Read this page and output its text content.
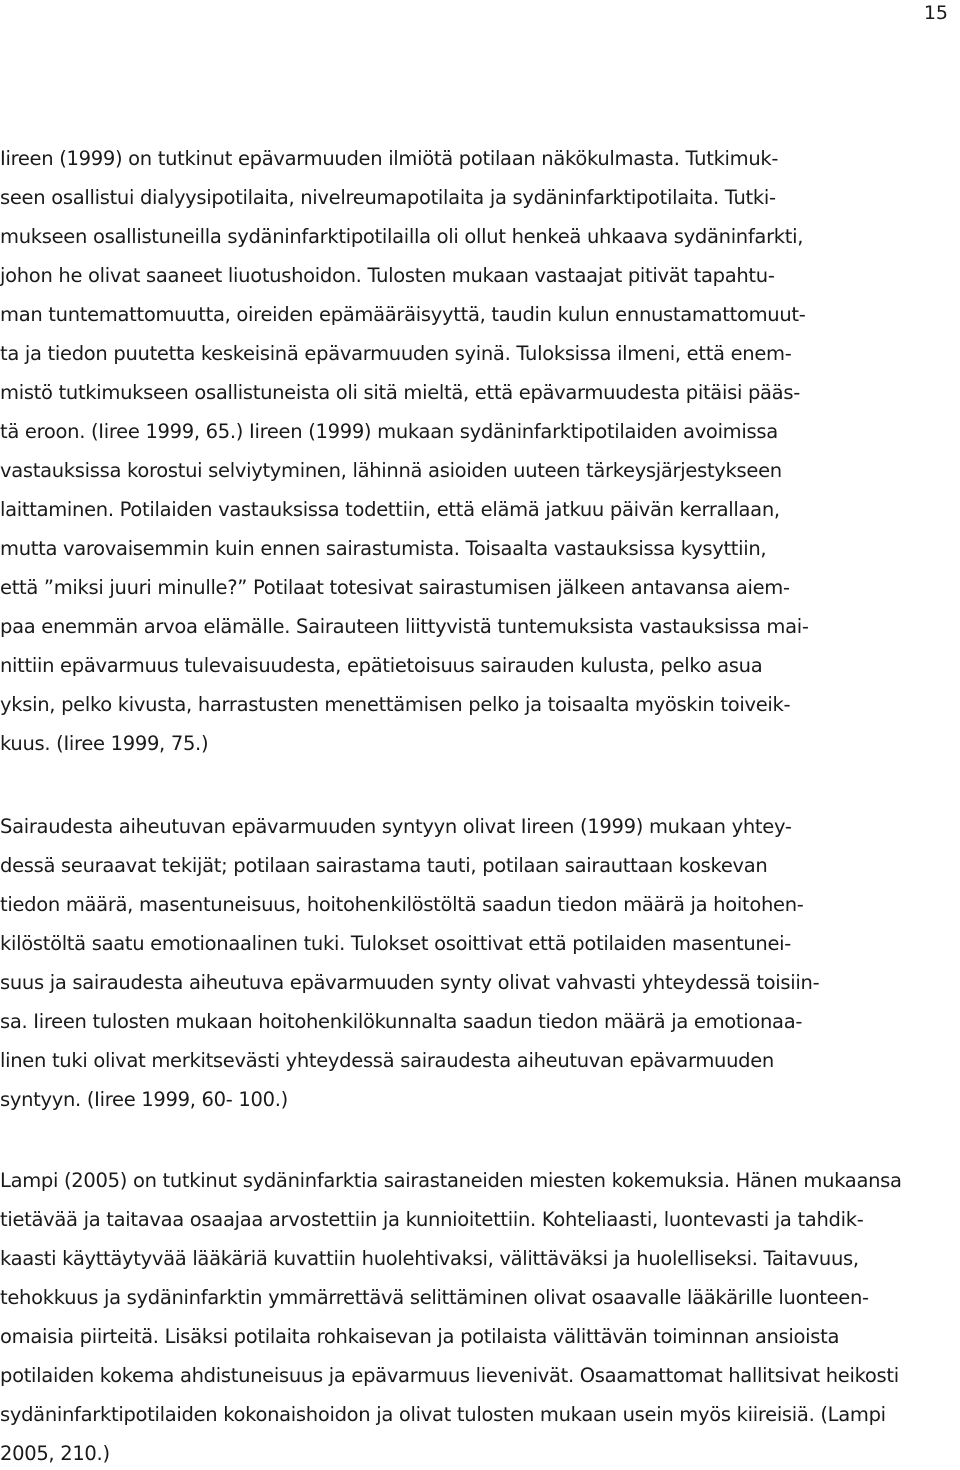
15
Iireen (1999) on tutkinut epävarmuuden ilmiötä potilaan näkökulmasta. Tutkimuk-
seen osallistui dialyysipotilaita, nivelreumapotilaita ja sydäninfarktipotilaita. Tutki-
mukseen osallistuneilla sydäninfarktipotilailla oli ollut henkeä uhkaava sydäninfarkti,
johon he olivat saaneet liuotushoidon. Tulosten mukaan vastaajat pitivät tapahtu-
man tuntemattomuutta, oireiden epämääräisyyttä, taudin kulun ennustamattomuut-
ta ja tiedon puutetta keskeisinä epävarmuuden syinä. Tuloksissa ilmeni, että enem-
mistö tutkimukseen osallistuneista oli sitä mieltä, että epävarmuudesta pitäisi pääs-
tä eroon. (Iiree 1999, 65.) Iireen (1999) mukaan sydäninfarktipotilaiden avoimissa
vastauksissa korostui selviytyminen, lähinnä asioiden uuteen tärkeysjärjestykseen
laittaminen. Potilaiden vastauksissa todettiin, että elämä jatkuu päivän kerrallaan,
mutta varovaisemmin kuin ennen sairastumista. Toisaalta vastauksissa kysyttiin,
että ”miksi juuri minulle?” Potilaat totesivat sairastumisen jälkeen antavansa aiem-
paa enemmän arvoa elämälle. Sairauteen liittyvistä tuntemuksista vastauksissa mai-
nittiin epävarmuus tulevaisuudesta, epätietoisuus sairauden kulusta, pelko asua
yksin, pelko kivusta, harrastusten menettämisen pelko ja toisaalta myöskin toiveik-
kuus. (Iiree 1999, 75.)
Sairaudesta aiheutuvan epävarmuuden syntyyn olivat Iireen (1999) mukaan yhtey-
dessä seuraavat tekijät; potilaan sairastama tauti, potilaan sairauttaan koskevan
tiedon määrä, masentuneisuus, hoitohenkilöstöltä saadun tiedon määrä ja hoitohen-
kilöstöltä saatu emotionaalinen tuki. Tulokset osoittivat että potilaiden masentunei-
suus ja sairaudesta aiheutuva epävarmuuden synty olivat vahvasti yhteydessä toisiin-
sa. Iireen tulosten mukaan hoitohenkilökunnalta saadun tiedon määrä ja emotionaa-
linen tuki olivat merkitsevästi yhteydessä sairaudesta aiheutuvan epävarmuuden
syntyyn. (Iiree 1999, 60- 100.)
Lampi (2005) on tutkinut sydäninfarktia sairastaneiden miesten kokemuksia. Hänen mukaansa
tietävää ja taitavaa osaajaa arvostettiin ja kunnioitettiin. Kohteliaasti, luontevasti ja tahdik-
kaasti käyttäytyvää lääkäriä kuvattiin huolehtivaksi, välittäväksi ja huolelliseksi. Taitavuus,
tehokkuus ja sydäninfarktin ymmärrettävä selittäminen olivat osaavalle lääkärille luonteen-
omaisia piirteitä. Lisäksi potilaita rohkaisevan ja potilaista välittävän toiminnan ansioista
potilaiden kokema ahdistuneisuus ja epävarmuus lievenivät. Osaamattomat hallitsivat heikosti
sydäninfarktipotilaiden kokonaishoidon ja olivat tulosten mukaan usein myös kiireisiä. (Lampi
2005, 210.)
